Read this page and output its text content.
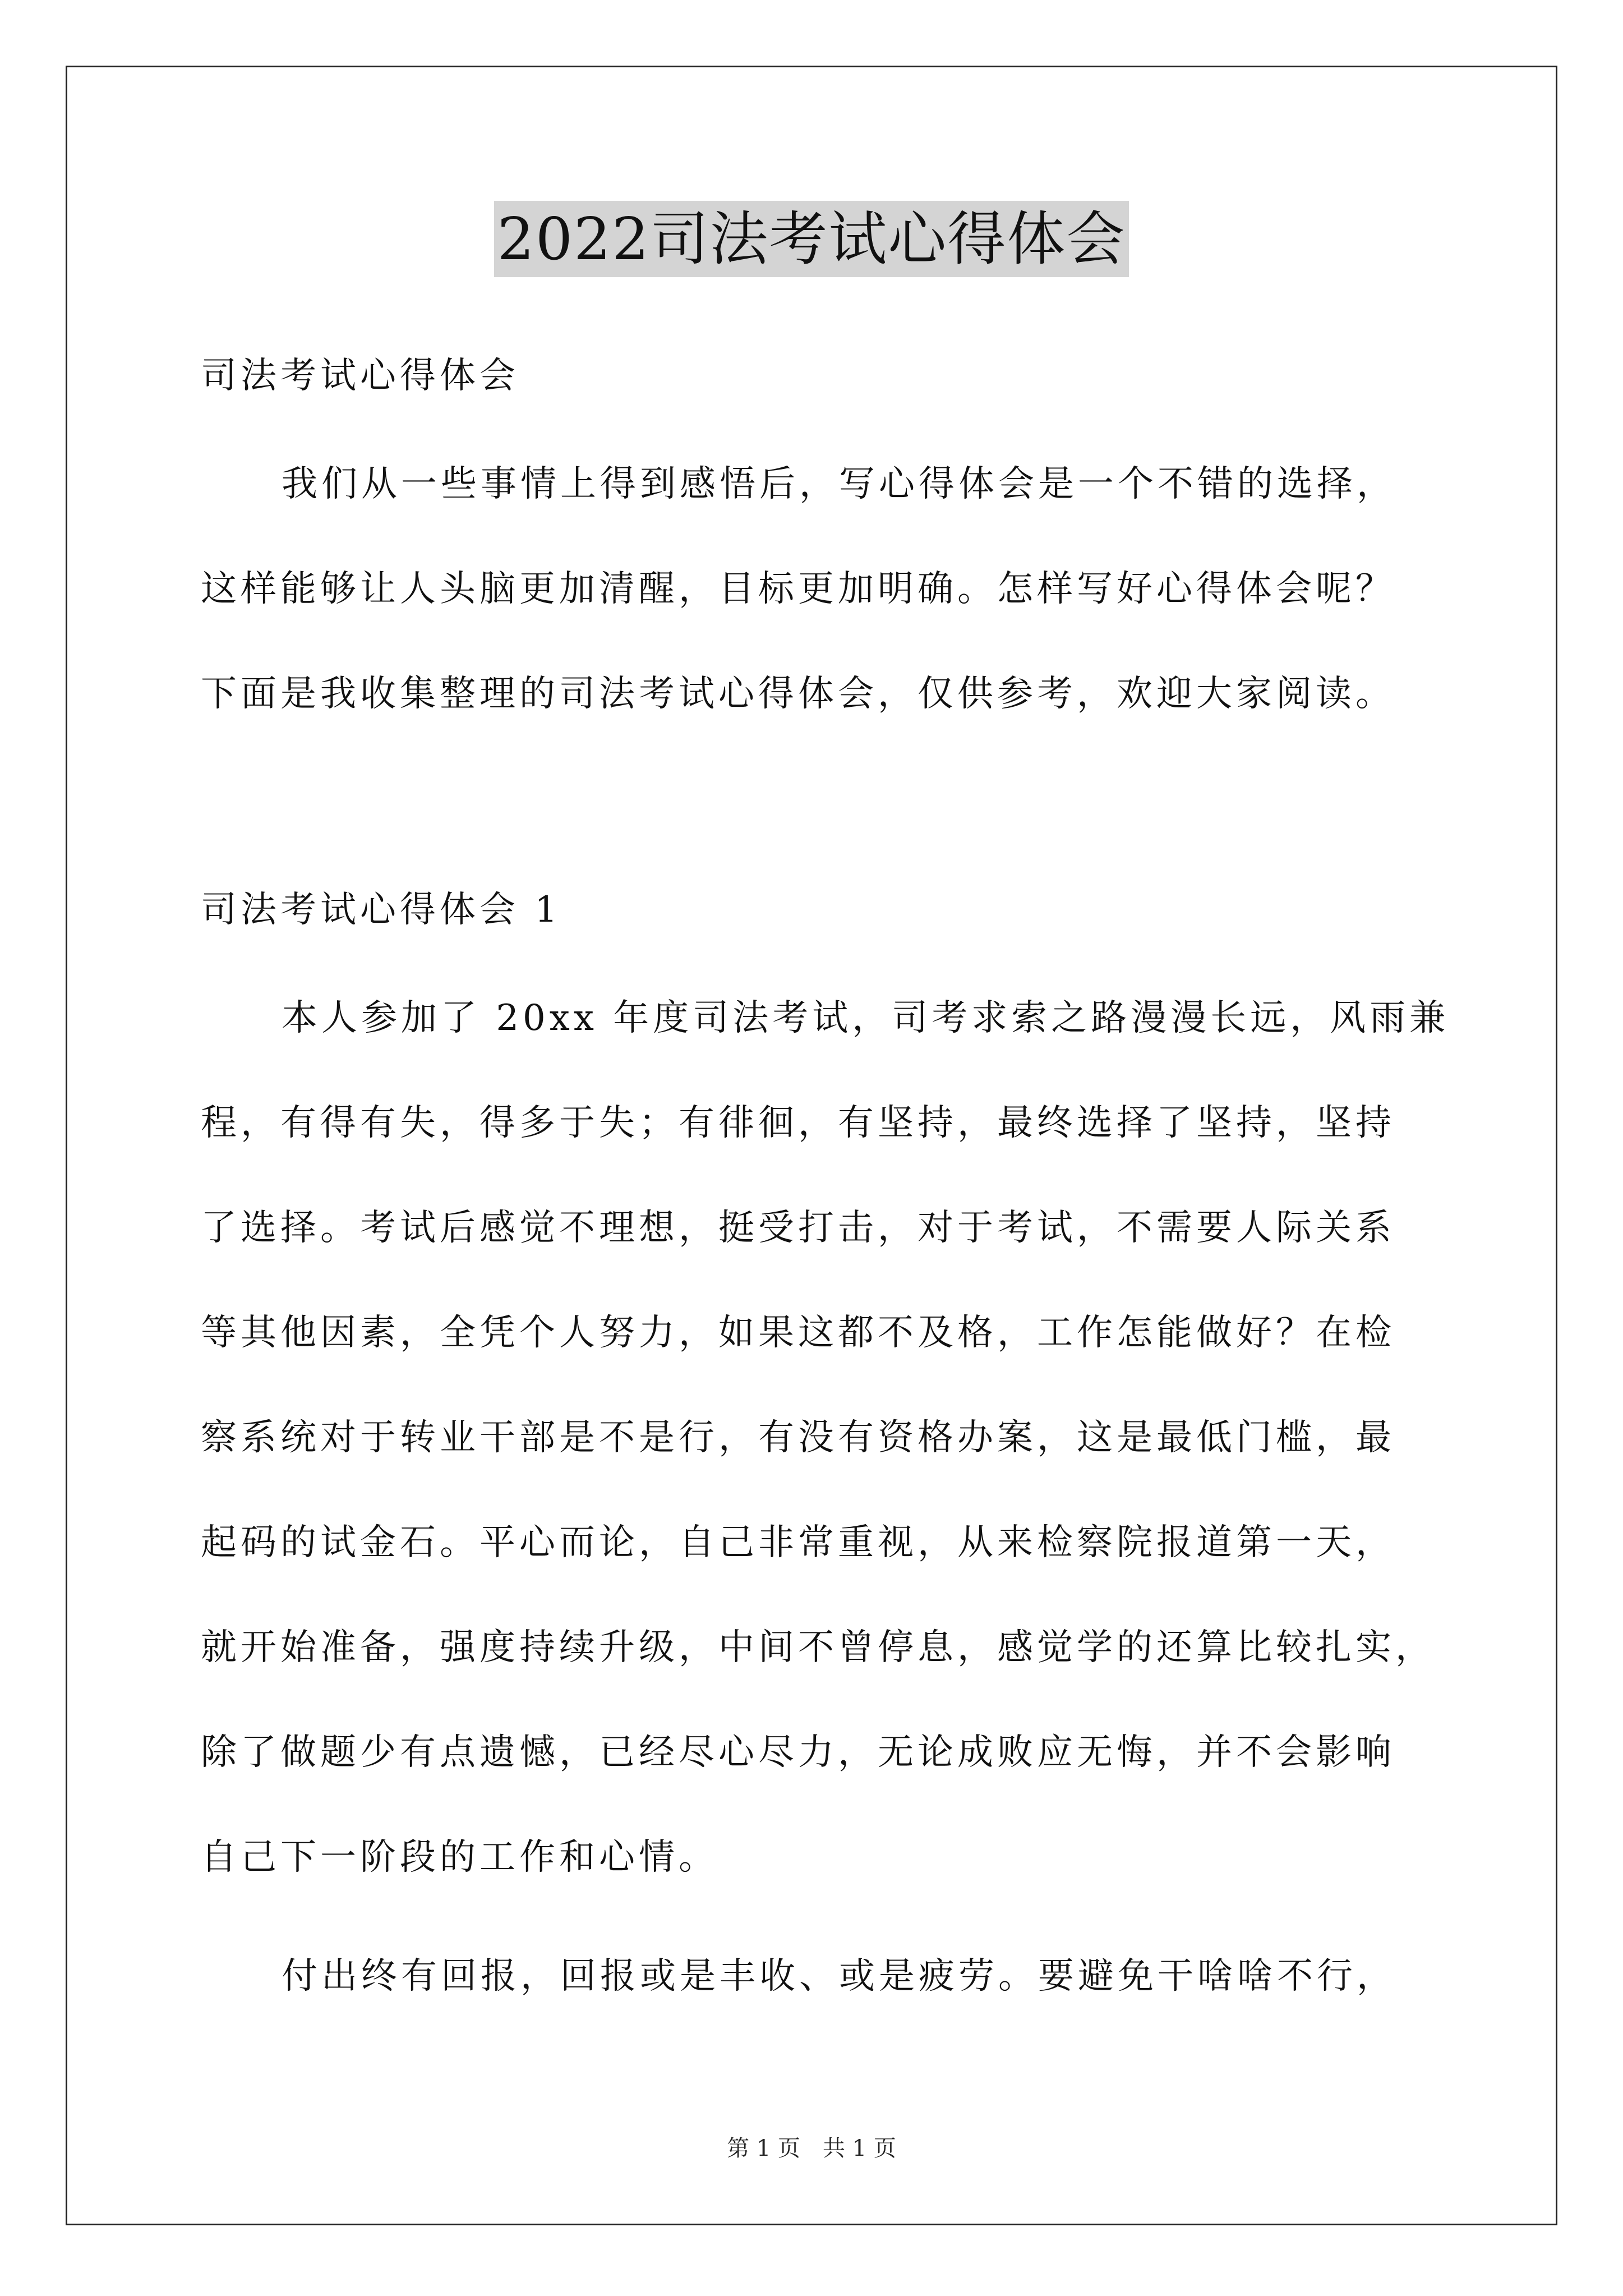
2022司法考试心得体会
司法考试心得体会
我们从一些事情上得到感悟后，写心得体会是一个不错的选择，
这样能够让人头脑更加清醒，目标更加明确。怎样写好心得体会呢？
下面是我收集整理的司法考试心得体会，仅供参考，欢迎大家阅读。
司法考试心得体会 1
本人参加了 20xx 年度司法考试，司考求索之路漫漫长远，风雨兼
程，有得有失，得多于失；有徘徊，有坚持，最终选择了坚持，坚持
了选择。考试后感觉不理想，挺受打击，对于考试，不需要人际关系
等其他因素，全凭个人努力，如果这都不及格，工作怎能做好？在检
察系统对于转业干部是不是行，有没有资格办案，这是最低门槛，最
起码的试金石。平心而论，自己非常重视，从来检察院报道第一天，
就开始准备，强度持续升级，中间不曾停息，感觉学的还算比较扎实，
除了做题少有点遗憾，已经尽心尽力，无论成败应无悔，并不会影响
自己下一阶段的工作和心情。
付出终有回报，回报或是丰收、或是疲劳。要避免干啥啥不行，
第 1 页　共 1 页
